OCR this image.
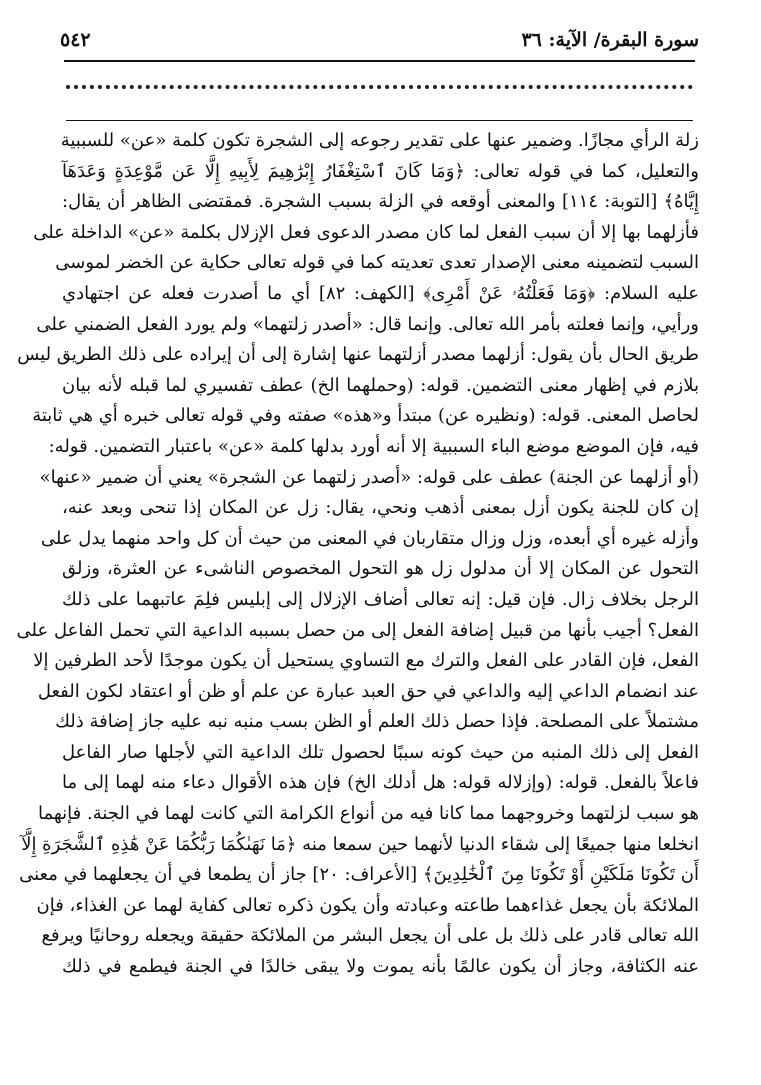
سورة البقرة/ الآية: ٣٦
٥٤٢
زلة الرأي مجازًا. وضمير عنها على تقدير رجوعه إلى الشجرة تكون كلمة «عن» للسببية
والتعليل، كما في قوله تعالى: ﴿وَمَا كَانَ ٱسْتِغْفَارُ إِبْرَٰهِيمَ لِأَبِيهِ إِلَّا عَن مَّوْعِدَةٍ وَعَدَهَآ
إِيَّاهُ﴾ [التوبة: ١١٤] والمعنى أوقعه في الزلة بسبب الشجرة. فمقتضى الظاهر أن يقال:
فأزلهما بها إلا أن سبب الفعل لما كان مصدر الدعوى فعل الإزلال بكلمة «عن» الداخلة على
السبب لتضمينه معنى الإصدار تعدى تعديته كما في قوله تعالى حكاية عن الخضر لموسى
عليه السلام: ﴿وَمَا فَعَلْتُهُۥ عَنْ أَمْرِى﴾ [الكهف: ٨٢] أي ما أصدرت فعله عن اجتهادي
ورأيي، وإنما فعلته بأمر الله تعالى. وإنما قال: «أصدر زلتهما» ولم يورد الفعل الضمني على
طريق الحال بأن يقول: أزلهما مصدر أزلتهما عنها إشارة إلى أن إيراده على ذلك الطريق ليس
بلازم في إظهار معنى التضمين. قوله: (وحملهما الخ) عطف تفسيري لما قبله لأنه بيان
لحاصل المعنى. قوله: (ونظيره عن) مبتدأ و«هذه» صفته وفي قوله تعالى خبره أي هي ثابتة
فيه، فإن الموضع موضع الباء السببية إلا أنه أورد بدلها كلمة «عن» باعتبار التضمين. قوله:
(أو أزلهما عن الجنة) عطف على قوله: «أصدر زلتهما عن الشجرة» يعني أن ضمير «عنها»
إن كان للجنة يكون أزل بمعنى أذهب ونحي، يقال: زل عن المكان إذا تنحى وبعد عنه،
وأزله غيره أي أبعده، وزل وزال متقاربان في المعنى من حيث أن كل واحد منهما يدل على
التحول عن المكان إلا أن مدلول زل هو التحول المخصوص الناشىء عن العثرة، وزلق
الرجل بخلاف زال. فإن قيل: إنه تعالى أضاف الإزلال إلى إبليس فلِمَ عاتبهما على ذلك
الفعل؟ أجيب بأنها من قبيل إضافة الفعل إلى من حصل بسببه الداعية التي تحمل الفاعل على
الفعل، فإن القادر على الفعل والترك مع التساوي يستحيل أن يكون موجدًا لأحد الطرفين إلا
عند انضمام الداعي إليه والداعي في حق العبد عبارة عن علم أو ظن أو اعتقاد لكون الفعل
مشتملاً على المصلحة. فإذا حصل ذلك العلم أو الظن بسب منبه نبه عليه جاز إضافة ذلك
الفعل إلى ذلك المنبه من حيث كونه سببًا لحصول تلك الداعية التي لأجلها صار الفاعل
فاعلاً بالفعل. قوله: (وإزلاله قوله: هل أدلك الخ) فإن هذه الأقوال دعاء منه لهما إلى ما
هو سبب لزلتهما وخروجهما مما كانا فيه من أنواع الكرامة التي كانت لهما في الجنة. فإنهما
انخلعا منها جميعًا إلى شقاء الدنيا لأنهما حين سمعا منه ﴿مَا نَهَىٰكُمَا رَبُّكُمَا عَنْ هَٰذِهِ ٱلشَّجَرَةِ إِلَّآ
أَن تَكُونَا مَلَكَيْنِ أَوْ تَكُونَا مِنَ ٱلْخَٰلِدِينَ﴾ [الأعراف: ٢٠] جاز أن يطمعا في أن يجعلهما في معنى
الملائكة بأن يجعل غذاءهما طاعته وعبادته وأن يكون ذكره تعالى كفاية لهما عن الغذاء، فإن
الله تعالى قادر على ذلك بل على أن يجعل البشر من الملائكة حقيقة ويجعله روحانيًا ويرفع
عنه الكثافة، وجاز أن يكون عالمًا بأنه يموت ولا يبقى خالدًا في الجنة فيطمع في ذلك
